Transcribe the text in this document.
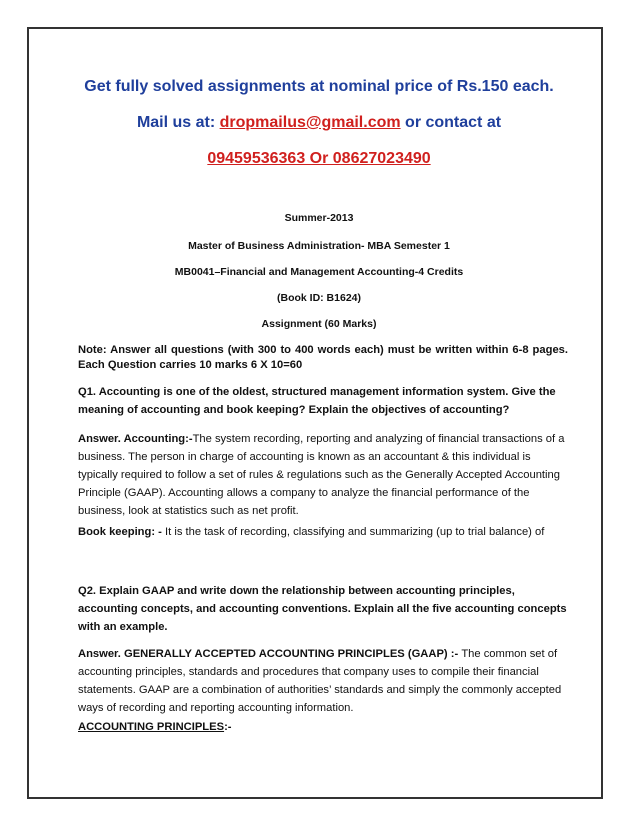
Get fully solved assignments at nominal price of Rs.150 each.
Mail us at: dropmailus@gmail.com or contact at
09459536363 Or 08627023490
Summer-2013
Master of Business Administration- MBA Semester 1
MB0041–Financial and Management Accounting-4 Credits
(Book ID: B1624)
Assignment (60 Marks)
Note: Answer all questions (with 300 to 400 words each) must be written within 6-8 pages.
Each Question carries 10 marks 6 X 10=60
Q1. Accounting is one of the oldest, structured management information system. Give the meaning of accounting and book keeping? Explain the objectives of accounting?
Answer. Accounting:-The system recording, reporting and analyzing of financial transactions of a business. The person in charge of accounting is known as an accountant & this individual is typically required to follow a set of rules & regulations such as the Generally Accepted Accounting Principle (GAAP). Accounting allows a company to analyze the financial performance of the business, look at statistics such as net profit.
Book keeping: - It is the task of recording, classifying and summarizing (up to trial balance) of
Q2. Explain GAAP and write down the relationship between accounting principles, accounting concepts, and accounting conventions. Explain all the five accounting concepts with an example.
Answer. GENERALLY ACCEPTED ACCOUNTING PRINCIPLES (GAAP) :- The common set of accounting principles, standards and procedures that company uses to compile their financial statements. GAAP are a combination of authorities’ standards and simply the commonly accepted ways of recording and reporting accounting information.
ACCOUNTING PRINCIPLES:-
